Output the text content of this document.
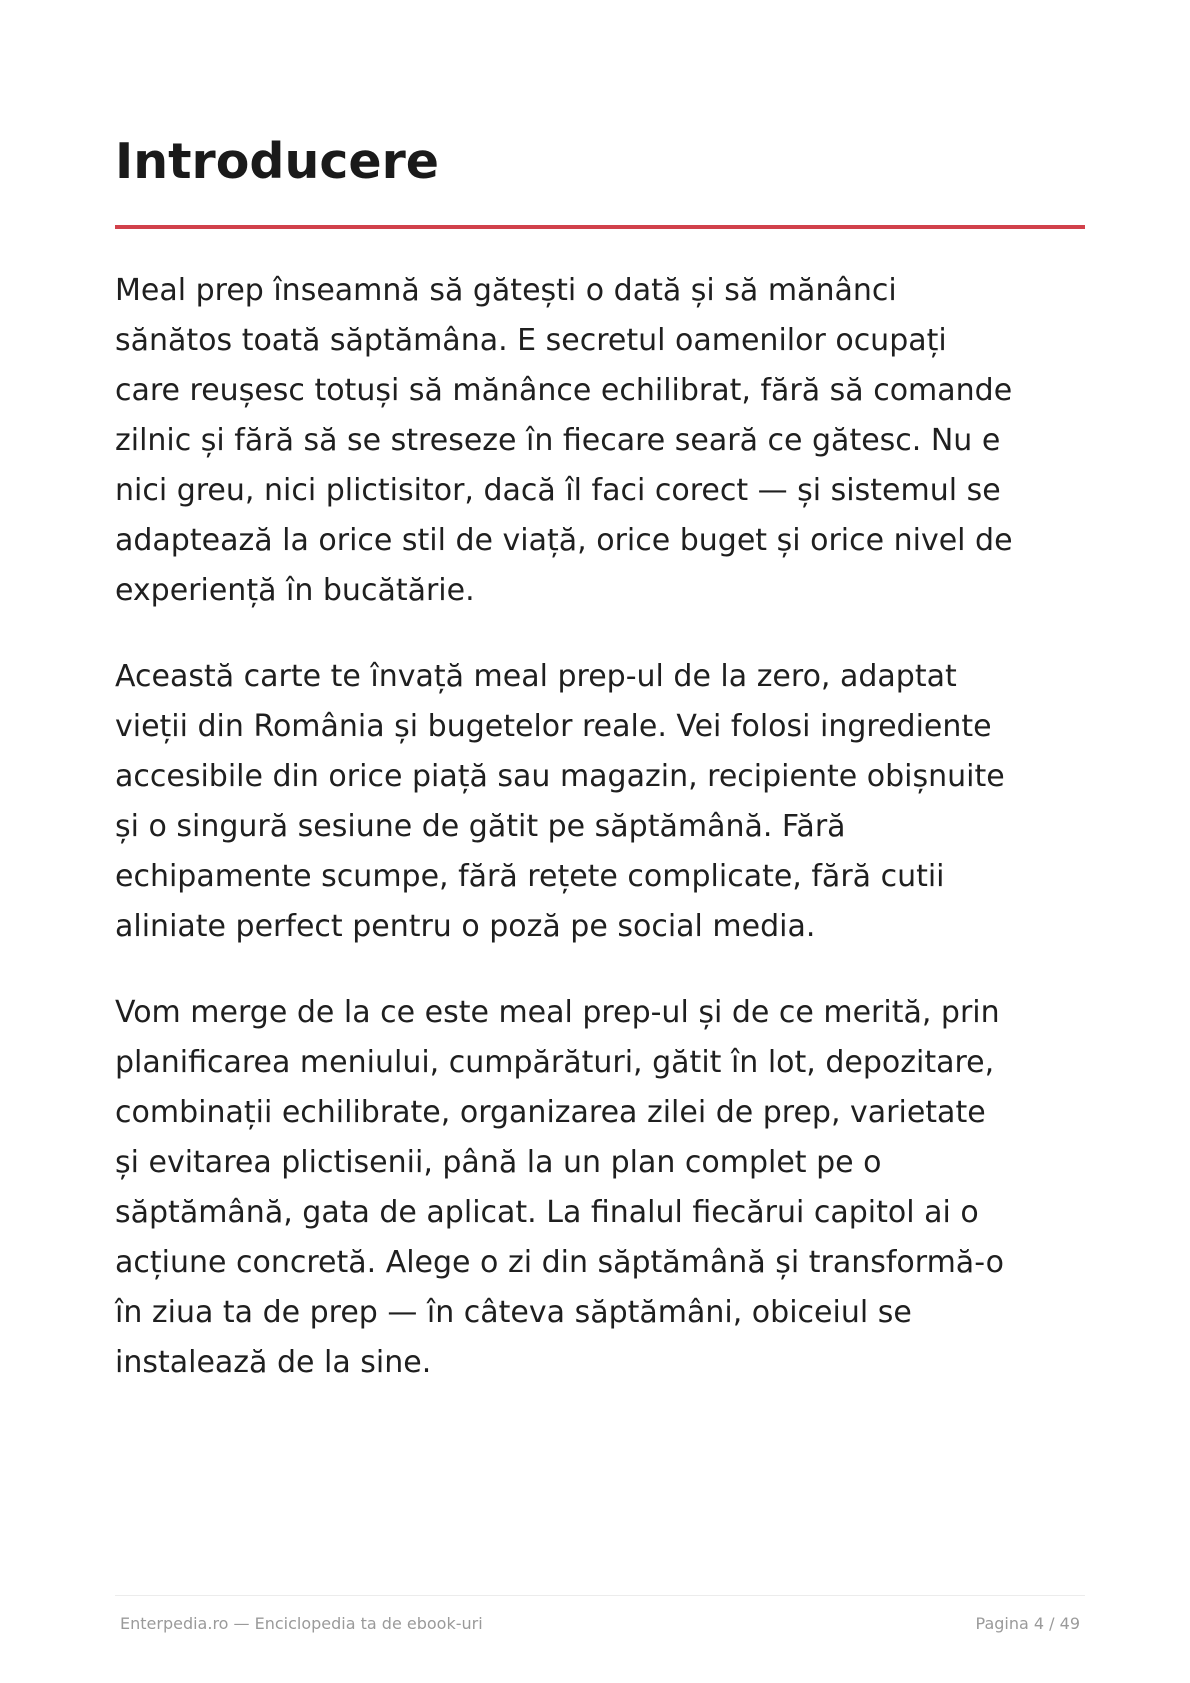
Introducere

Meal prep înseamnă să gătești o dată și să mănânci
sănătos toată săptămâna. E secretul oamenilor ocupați
care reușesc totuși să mănânce echilibrat, fără să comande
zilnic și fără să se streseze în fiecare seară ce gătesc. Nu e
nici greu, nici plictisitor, dacă îl faci corect — și sistemul se
adaptează la orice stil de viață, orice buget și orice nivel de
experiență în bucătărie.

Această carte te învață meal prep-ul de la zero, adaptat
vieții din România și bugetelor reale. Vei folosi ingrediente
accesibile din orice piață sau magazin, recipiente obișnuite
și o singură sesiune de gătit pe săptămână. Fără
echipamente scumpe, fără rețete complicate, fără cutii
aliniate perfect pentru o poză pe social media.

Vom merge de la ce este meal prep-ul și de ce merită, prin
planificarea meniului, cumpărături, gătit în lot, depozitare,
combinații echilibrate, organizarea zilei de prep, varietate
și evitarea plictisenii, până la un plan complet pe o
săptămână, gata de aplicat. La finalul fiecărui capitol ai o
acțiune concretă. Alege o zi din săptămână și transformă-o
în ziua ta de prep — în câteva săptămâni, obiceiul se
instalează de la sine.

Enterpedia.ro — Enciclopedia ta de ebook-uri	Pagina 4 / 49
